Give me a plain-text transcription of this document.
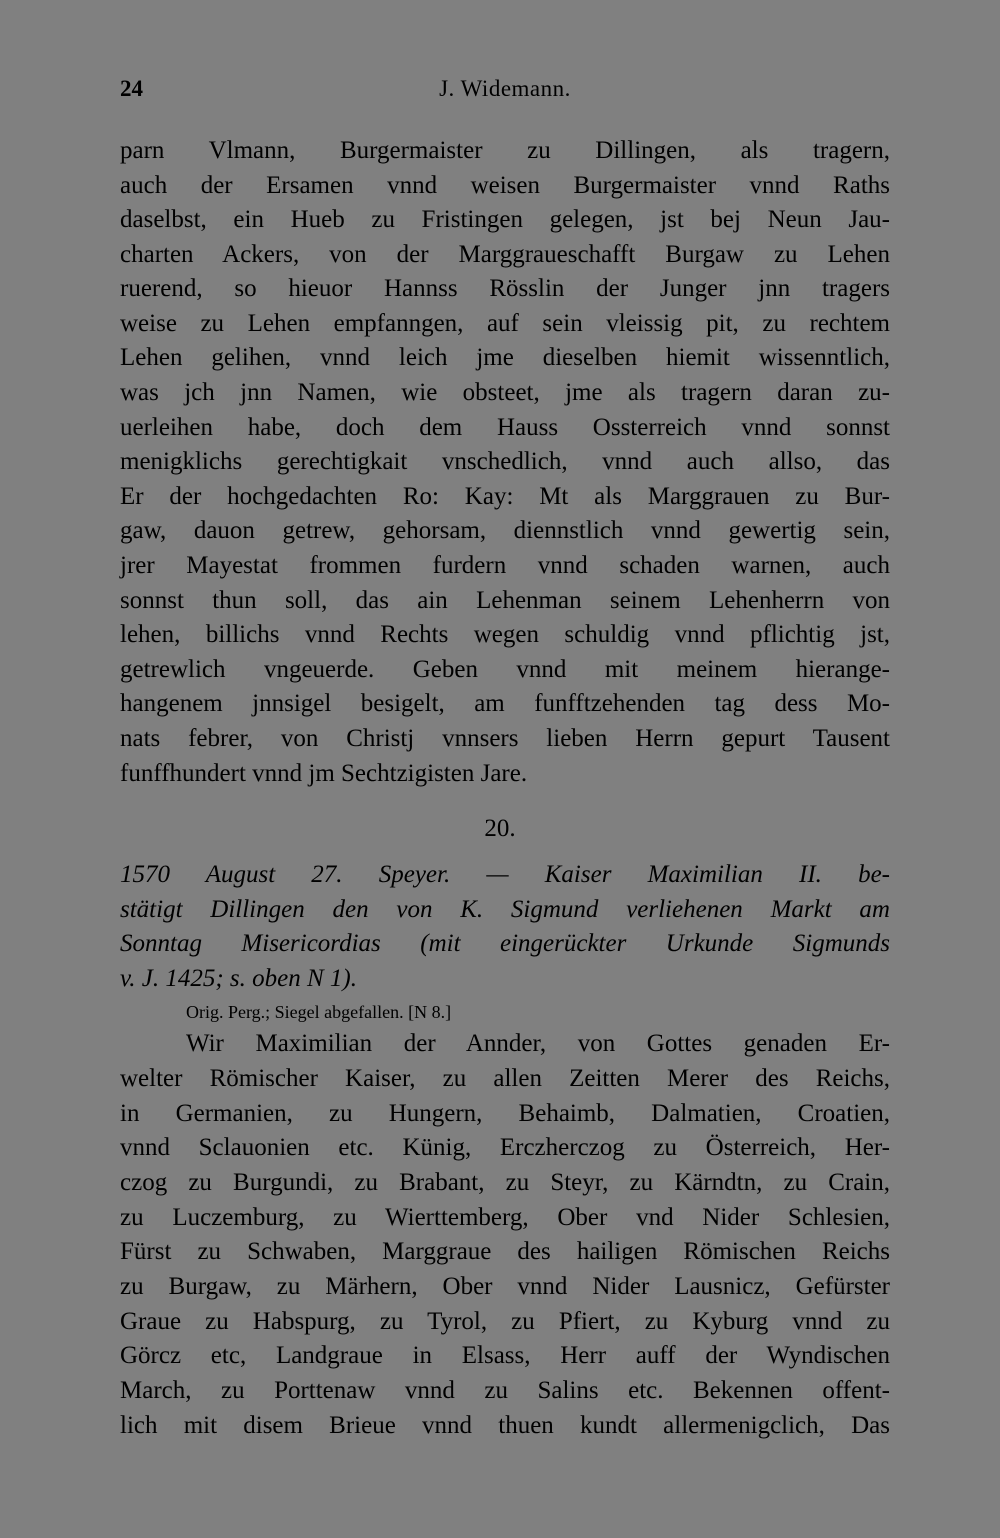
24	J. Widemann.
parn Vlmann, Burgermaister zu Dillingen, als tragern,
auch der Ersamen vnnd weisen Burgermaister vnnd Raths
daselbst, ein Hueb zu Fristingen gelegen, jst bej Neun Jau-
charten Ackers, von der Marggraueschafft Burgaw zu Lehen
ruerend, so hieuor Hannss Rösslin der Junger jnn tragers
weise zu Lehen empfanngen, auf sein vleissig pit, zu rechtem
Lehen gelihen, vnnd leich jme dieselben hiemit wissenntlich,
was jch jnn Namen, wie obsteet, jme als tragern daran zu-
uerleihen habe, doch dem Hauss Ossterreich vnnd sonnst
menigklichs gerechtigkait vnschedlich, vnnd auch allso, das
Er der hochgedachten Ro: Kay: Mt als Marggrauen zu Bur-
gaw, dauon getrew, gehorsam, diennstlich vnnd gewertig sein,
jrer Mayestat frommen furdern vnnd schaden warnen, auch
sonnst thun soll, das ain Lehenman seinem Lehenherrn von
lehen, billichs vnnd Rechts wegen schuldig vnnd pflichtig jst,
getrewlich vngeuerde. Geben vnnd mit meinem hierange-
hangenem jnnsigel besigelt, am funfftzehenden tag dess Mo-
nats febrer, von Christj vnnsers lieben Herrn gepurt Tausent
funffhundert vnnd jm Sechtzigisten Jare.
20.
1570 August 27. Speyer. — Kaiser Maximilian II. be-
stätigt Dillingen den von K. Sigmund verliehenen Markt am
Sonntag Misericordias (mit eingerückter Urkunde Sigmunds
v. J. 1425; s. oben N 1).
Orig. Perg.; Siegel abgefallen. [N 8.]
Wir Maximilian der Annder, von Gottes genaden Er-
welter Römischer Kaiser, zu allen Zeitten Merer des Reichs,
in Germanien, zu Hungern, Behaimb, Dalmatien, Croatien,
vnnd Sclauonien etc. Künig, Erczherczog zu Österreich, Her-
czog zu Burgundi, zu Brabant, zu Steyr, zu Kärndtn, zu Crain,
zu Luczemburg, zu Wierttemberg, Ober vnd Nider Schlesien,
Fürst zu Schwaben, Marggraue des hailigen Römischen Reichs
zu Burgaw, zu Märhern, Ober vnnd Nider Lausnicz, Gefürster
Graue zu Habspurg, zu Tyrol, zu Pfiert, zu Kyburg vnnd zu
Görcz etc, Landgraue in Elsass, Herr auff der Wyndischen
March, zu Porttenaw vnnd zu Salins etc. Bekennen offent-
lich mit disem Brieue vnnd thuen kundt allermenigclich, Das
